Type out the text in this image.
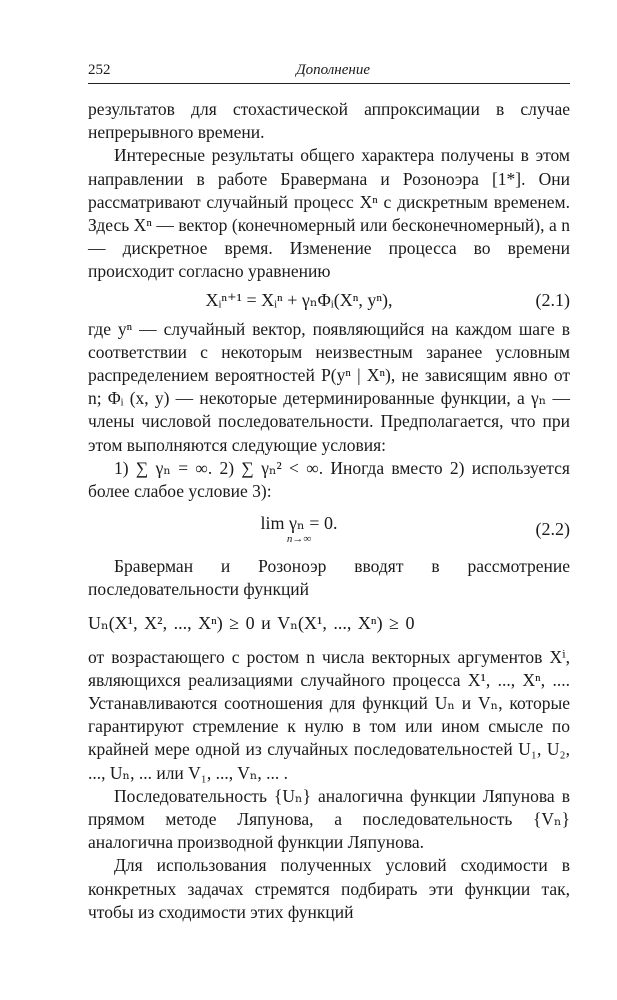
252	Дополнение

результатов для стохастической аппроксимации в случае непрерывного времени.

Интересные результаты общего характера получены в этом направлении в работе Бравермана и Розоноэра [1*]. Они рассматривают случайный процесс Xⁿ с дискретным временем. Здесь Xⁿ — вектор (конечномерный или бесконечномерный), а n — дискретное время. Изменение процесса во времени происходит согласно уравнению

Xᵢⁿ⁺¹ = Xᵢⁿ + γₙΦᵢ(Xⁿ, yⁿ),	(2.1)

где yⁿ — случайный вектор, появляющийся на каждом шаге в соответствии с некоторым неизвестным заранее условным распределением вероятностей P(yⁿ | Xⁿ), не зависящим явно от n; Φᵢ (x, y) — некоторые детерминированные функции, а γₙ — члены числовой последовательности. Предполагается, что при этом выполняются следующие условия:

1) ∑ γₙ = ∞. 2) ∑ γₙ² < ∞. Иногда вместо 2) используется более слабое условие 3):

lim γₙ = 0.
n→∞
(2.2)

Браверман и Розоноэр вводят в рассмотрение последовательности функций

Uₙ(X¹, X², ..., Xⁿ) ≥ 0 и Vₙ(X¹, ..., Xⁿ) ≥ 0

от возрастающего с ростом n числа векторных аргументов Xⁱ, являющихся реализациями случайного процесса X¹, ..., Xⁿ, .... Устанавливаются соотношения для функций Uₙ и Vₙ, которые гарантируют стремление к нулю в том или ином смысле по крайней мере одной из случайных последовательностей U₁, U₂, ..., Uₙ, ... или V₁, ..., Vₙ, ... .

Последовательность {Uₙ} аналогична функции Ляпунова в прямом методе Ляпунова, а последовательность {Vₙ} аналогична производной функции Ляпунова.

Для использования полученных условий сходимости в конкретных задачах стремятся подбирать эти функции так, чтобы из сходимости этих функций
